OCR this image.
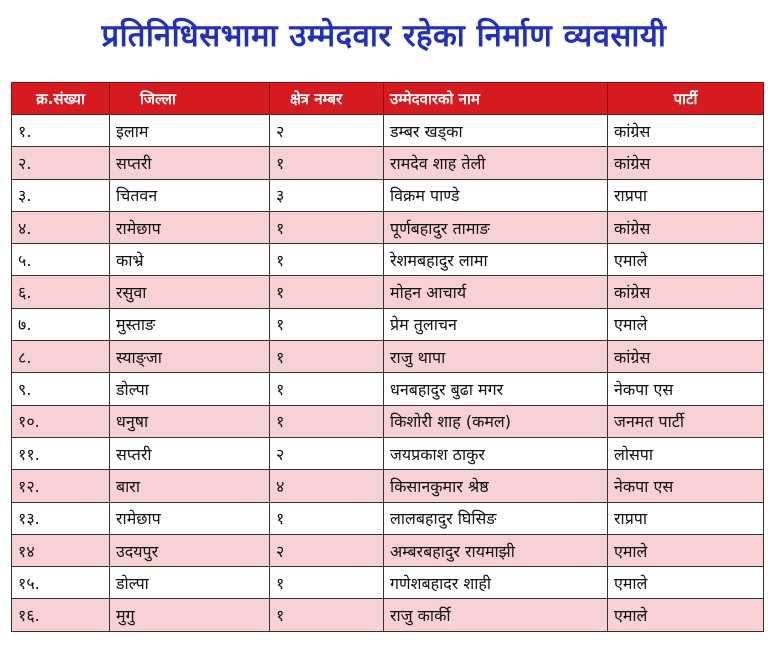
प्रतिनिधिसभामा उम्मेदवार रहेका निर्माण व्यवसायी
क्र.संख्या	जिल्ला	क्षेत्र नम्बर	उम्मेदवारको नाम	पार्टी
१.	इलाम	२	डम्बर खड्का	कांग्रेस
२.	सप्तरी	१	रामदेव शाह तेली	कांग्रेस
३.	चितवन	३	विक्रम पाण्डे	राप्रपा
४.	रामेछाप	१	पूर्णबहादुर तामाङ	कांग्रेस
५.	काभ्रे	१	रेशमबहादुर लामा	एमाले
६.	रसुवा	१	मोहन आचार्य	कांग्रेस
७.	मुस्ताङ	१	प्रेम तुलाचन	एमाले
८.	स्याङ्जा	१	राजु थापा	कांग्रेस
९.	डोल्पा	१	धनबहादुर बुढा मगर	नेकपा एस
१०.	धनुषा	१	किशोरी शाह (कमल)	जनमत पार्टी
११.	सप्तरी	२	जयप्रकाश ठाकुर	लोसपा
१२.	बारा	४	किसानकुमार श्रेष्ठ	नेकपा एस
१३.	रामेछाप	१	लालबहादुर घिसिङ	राप्रपा
१४	उदयपुर	२	अम्बरबहादुर रायमाझी	एमाले
१५.	डोल्पा	१	गणेशबहादर शाही	एमाले
१६.	मुगु	१	राजु कार्की	एमाले
